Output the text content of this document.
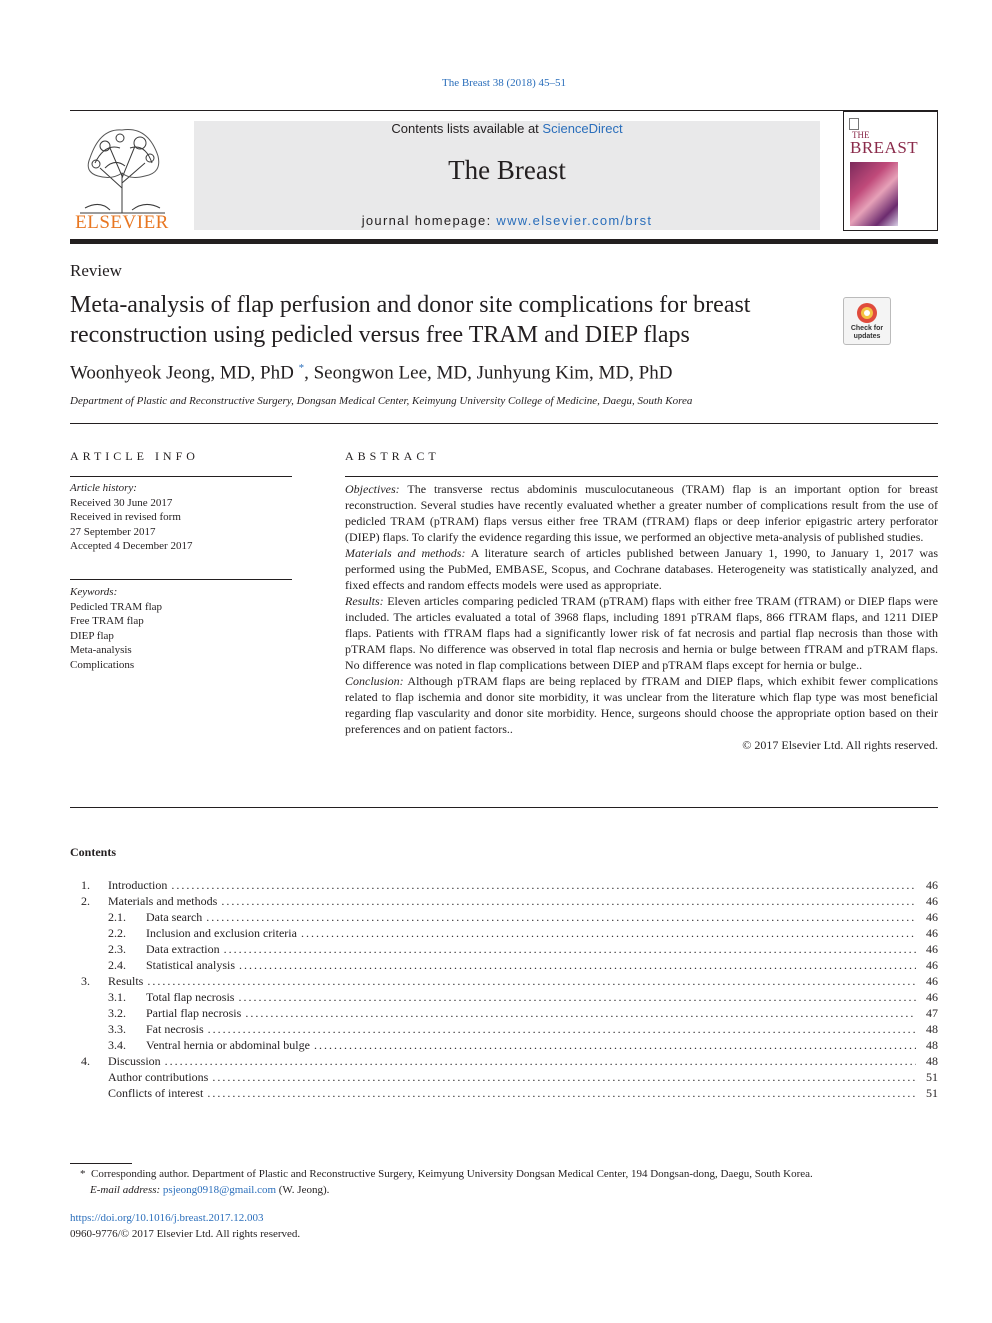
The Breast 38 (2018) 45–51
ELSEVIER
Contents lists available at ScienceDirect
The Breast
journal homepage: www.elsevier.com/brst
THE
BREAST
Review
Meta-analysis of flap perfusion and donor site complications for breast reconstruction using pedicled versus free TRAM and DIEP flaps	Check for
updates
Woonhyeok Jeong, MD, PhD *, Seongwon Lee, MD, Junhyung Kim, MD, PhD
Department of Plastic and Reconstructive Surgery, Dongsan Medical Center, Keimyung University College of Medicine, Daegu, South Korea
ARTICLE INFO
Article history:
Received 30 June 2017
Received in revised form
27 September 2017
Accepted 4 December 2017
Keywords:
Pedicled TRAM flap
Free TRAM flap
DIEP flap
Meta-analysis
Complications
ABSTRACT

Objectives: The transverse rectus abdominis musculocutaneous (TRAM) flap is an important option for breast reconstruction. Several studies have recently evaluated whether a greater number of complications result from the use of pedicled TRAM (pTRAM) flaps versus either free TRAM (fTRAM) flaps or deep inferior epigastric artery perforator (DIEP) flaps. To clarify the evidence regarding this issue, we performed an objective meta-analysis of published studies.

Materials and methods: A literature search of articles published between January 1, 1990, to January 1, 2017 was performed using the PubMed, EMBASE, Scopus, and Cochrane databases. Heterogeneity was statistically analyzed, and fixed effects and random effects models were used as appropriate.

Results: Eleven articles comparing pedicled TRAM (pTRAM) flaps with either free TRAM (fTRAM) or DIEP flaps were included. The articles evaluated a total of 3968 flaps, including 1891 pTRAM flaps, 866 fTRAM flaps, and 1211 DIEP flaps. Patients with fTRAM flaps had a significantly lower risk of fat necrosis and partial flap necrosis than those with pTRAM flaps. No difference was observed in total flap necrosis and hernia or bulge between fTRAM and pTRAM flaps. No difference was noted in flap complications between DIEP and pTRAM flaps except for hernia or bulge..

Conclusion: Although pTRAM flaps are being replaced by fTRAM and DIEP flaps, which exhibit fewer complications related to flap ischemia and donor site morbidity, it was unclear from the literature which flap type was most beneficial regarding flap vascularity and donor site morbidity. Hence, surgeons should choose the appropriate option based on their preferences and on patient factors..

© 2017 Elsevier Ltd. All rights reserved.

Contents
1. Introduction . . .	46
2. Materials and methods . . .	46
2.1. Data search . . .	46
2.2. Inclusion and exclusion criteria . . .	46
2.3. Data extraction . . .	46
2.4. Statistical analysis . . .	46
3. Results . . .	46
3.1. Total flap necrosis . . .	46
3.2. Partial flap necrosis . . .	47
3.3. Fat necrosis . . .	48
3.4. Ventral hernia or abdominal bulge . . .	48
4. Discussion . . .	48
Author contributions . . .	51
Conflicts of interest . . .	51
* Corresponding author. Department of Plastic and Reconstructive Surgery, Keimyung University Dongsan Medical Center, 194 Dongsan-dong, Daegu, South Korea.
E-mail address: psjeong0918@gmail.com (W. Jeong).
https://doi.org/10.1016/j.breast.2017.12.003
0960-9776/© 2017 Elsevier Ltd. All rights reserved.
